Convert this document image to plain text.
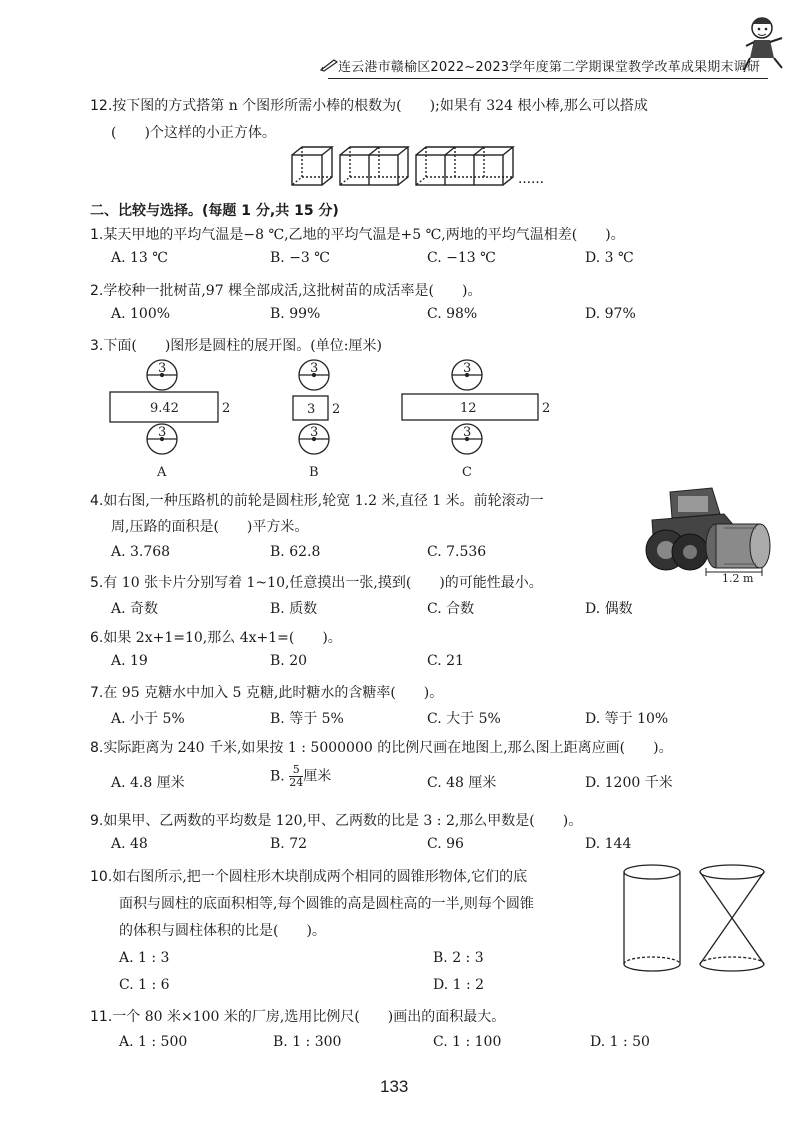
连云港市赣榆区2022~2023学年度第二学期课堂教学改革成果期末调研
12.按下图的方式搭第 n 个图形所需小棒的根数为(　　);如果有 324 根小棒,那么可以搭成
(　　)个这样的小正方体。
……
二、比较与选择。(每题 1 分,共 15 分)
1.某天甲地的平均气温是−8 ℃,乙地的平均气温是+5 ℃,两地的平均气温相差(　　)。
A. 13 ℃	B. −3 ℃	C. −13 ℃	D. 3 ℃
2.学校种一批树苗,97 棵全部成活,这批树苗的成活率是(　　)。
A. 100%	B. 99%	C. 98%	D. 97%
3.下面(　　)图形是圆柱的展开图。(单位:厘米)
3
9.42	2
3
A
3
3 2
3
B
3
12	2
3
C
4.如右图,一种压路机的前轮是圆柱形,轮宽 1.2 米,直径 1 米。前轮滚动一
周,压路的面积是(　　)平方米。
A. 3.768	B. 62.8	C. 7.536
1.2 m
5.有 10 张卡片分别写着 1~10,任意摸出一张,摸到(　　)的可能性最小。
A. 奇数	B. 质数	C. 合数	D. 偶数
6.如果 2x+1=10,那么 4x+1=(　　)。
A. 19	B. 20	C. 21
7.在 95 克糖水中加入 5 克糖,此时糖水的含糖率(　　)。
A. 小于 5%	B. 等于 5%	C. 大于 5%	D. 等于 10%
8.实际距离为 240 千米,如果按 1 : 5000000 的比例尺画在地图上,那么图上距离应画(　　)。
A. 4.8 厘米	B. $\frac{5}{24}$ 厘米	C. 48 厘米	D. 1200 千米
9.如果甲、乙两数的平均数是 120,甲、乙两数的比是 3 : 2,那么甲数是(　　)。
A. 48	B. 72	C. 96	D. 144
10.如右图所示,把一个圆柱形木块削成两个相同的圆锥形物体,它们的底
面积与圆柱的底面积相等,每个圆锥的高是圆柱高的一半,则每个圆锥
的体积与圆柱体积的比是(　　)。
A. 1 : 3	B. 2 : 3
C. 1 : 6	D. 1 : 2
11.一个 80 米×100 米的厂房,选用比例尺(　　)画出的面积最大。
A. 1 : 500	B. 1 : 300	C. 1 : 100	D. 1 : 50
133
